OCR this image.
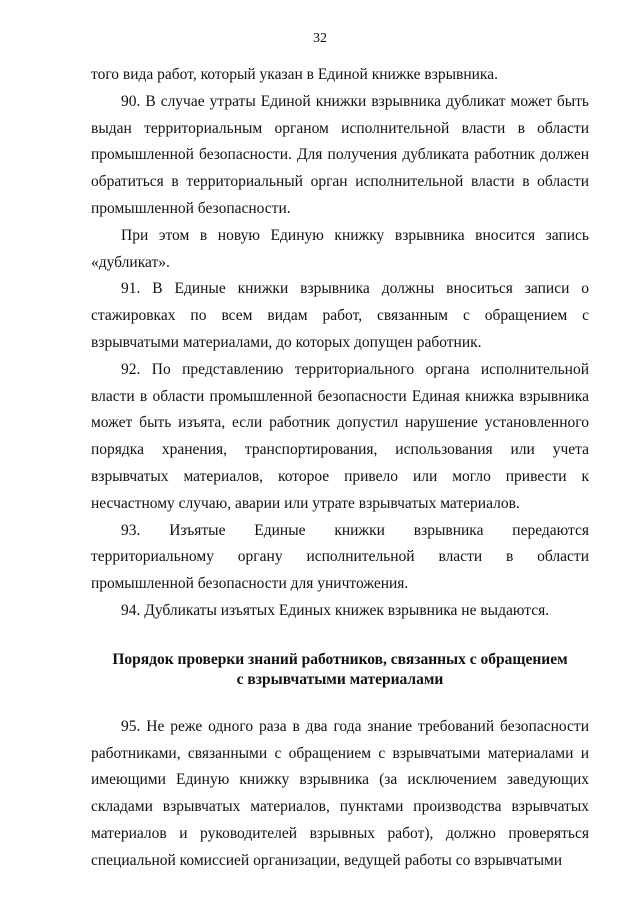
32

того вида работ, который указан в Единой книжке взрывника.

90. В случае утраты Единой книжки взрывника дубликат может быть выдан территориальным органом исполнительной власти в области промышленной безопасности. Для получения дубликата работник должен обратиться в территориальный орган исполнительной власти в области промышленной безопасности.

При этом в новую Единую книжку взрывника вносится запись «дубликат».

91. В Единые книжки взрывника должны вноситься записи о стажировках по всем видам работ, связанным с обращением с взрывчатыми материалами, до которых допущен работник.

92. По представлению территориального органа исполнительной власти в области промышленной безопасности Единая книжка взрывника может быть изъята, если работник допустил нарушение установленного порядка хранения, транспортирования, использования или учета взрывчатых материалов, которое привело или могло привести к несчастному случаю, аварии или утрате взрывчатых материалов.

93. Изъятые Единые книжки взрывника передаются территориальному органу исполнительной власти в области промышленной безопасности для уничтожения.

94. Дубликаты изъятых Единых книжек взрывника не выдаются.

Порядок проверки знаний работников, связанных с обращением
с взрывчатыми материалами

95. Не реже одного раза в два года знание требований безопасности работниками, связанными с обращением с взрывчатыми материалами и имеющими Единую книжку взрывника (за исключением заведующих складами взрывчатых материалов, пунктами производства взрывчатых материалов и руководителей взрывных работ), должно проверяться специальной комиссией организации, ведущей работы со взрывчатыми
